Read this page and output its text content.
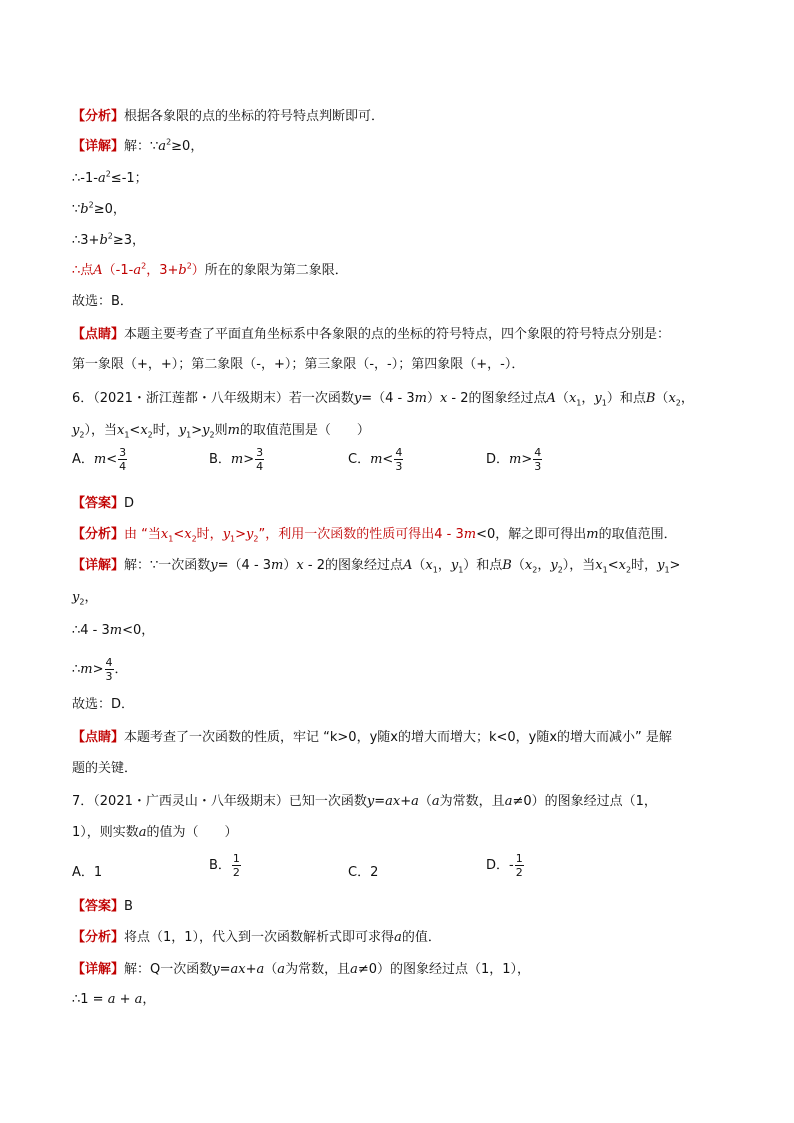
【分析】根据各象限的点的坐标的符号特点判断即可．
【详解】解：$\because a^2\ge 0$，
$\therefore-1-a^2\le-1$；
$\because b^2\ge 0$，
$\therefore 3+b^2\ge 3$，
∴点$A(-1-a^2$，$3+b^2$）所在的象限为第二象限．
故选：B．
【点睛】本题主要考查了平面直角坐标系中各象限的点的坐标的符号特点，四个象限的符号特点分别是：
第一象限（+，+）；第二象限（-，+）；第三象限（-，-）；第四象限（+，-）．
6．（2021・浙江莲都・八年级期末）若一次函数y=（4 - 3m）x - 2的图象经过点$A(x_1$，$y_1$）和点$B(x_2$，
$y_2$），当$x_1<x_2$时，$y_1>y_2$则m的取值范围是（　　）
A．$m< \frac{3}{4}$	B．$m> \frac{3}{4}$	C．$m< \frac{4}{3}$	D．$m> \frac{4}{3}$
【答案】D
【分析】由 “当$x_1<x_2$时，$y_1>y_2$”，利用一次函数的性质可得出4 - 3m<0，解之即可得出m的取值范围．
【详解】解：∵一次函数y=（4 - 3m）x - 2的图象经过点$A(x_1$，$y_1$）和点$B(x_2$，$y_2$），当$x_1<x_2$时，$y_1>$
$y_2$，
∴4 - 3m<0，
∴m> $\frac{4}{3}$ ．
故选：D．
【点睛】本题考查了一次函数的性质，牢记 “k>0，y随x的增大而增大；k<0，y随x的增大而减小” 是解
题的关键．
7．（2021・广西灵山・八年级期末）已知一次函数y=ax+a（a为常数，且a≠0）的图象经过点（1，
1），则实数a的值为（　　）
A．1	B． $\frac{1}{2}$	C．2	D．- $\frac{1}{2}$
【答案】B
【分析】将点（1，1），代入到一次函数解析式即可求得a的值．
【详解】解：Q一次函数y=ax+a（a为常数，且a≠0）的图象经过点（1，1），
∴1 = a + a，
